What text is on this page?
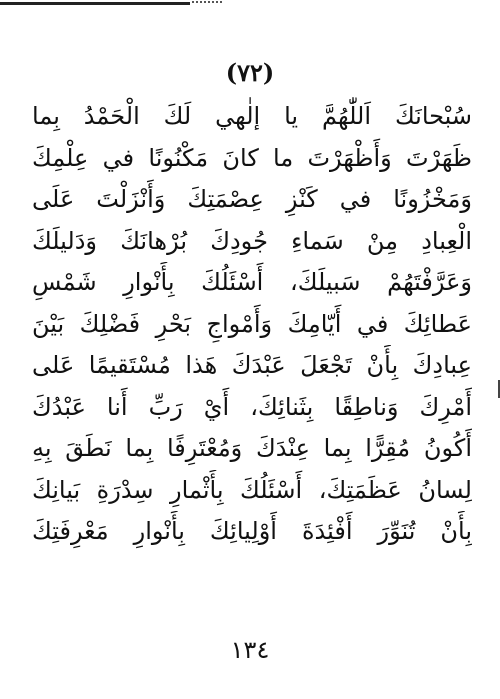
(٧٢)
سُبْحانَكَ اَللّٰهُمَّ يا إلٰهي لَكَ الْحَمْدُ بِما
ظَهَرْتَ وَأَظْهَرْتَ ما كانَ مَكْنُونًا في عِلْمِكَ
وَمَخْزُونًا في كَنْزِ عِصْمَتِكَ وَأَنْزَلْتَ عَلَى
الْعِبادِ مِنْ سَماءِ جُودِكَ بُرْهانَكَ وَدَليلَكَ
وَعَرَّفْتَهُمْ سَبيلَكَ، أَسْئَلُكَ بِأَنْوارِ شَمْسِ
عَطائِكَ في أَيّامِكَ وَأَمْواجِ بَحْرِ فَضْلِكَ بَيْنَ
عِبادِكَ بِأَنْ تَجْعَلَ عَبْدَكَ هَذا مُسْتَقيمًا عَلى
أَمْرِكَ وَناطِقًا بِثَنائِكَ، أَيْ رَبِّ أَنا عَبْدُكَ
أَكُونُ مُقِرًّا بِما عِنْدَكَ وَمُعْتَرِفًا بِما نَطَقَ بِهِ
لِسانُ عَظَمَتِكَ، أَسْئَلُكَ بِأَثْمارِ سِدْرَةِ بَيانِكَ
بِأَنْ تُنَوِّرَ أَفْئِدَةَ أَوْلِيائِكَ بِأَنْوارِ مَعْرِفَتِكَ
١٣٤
